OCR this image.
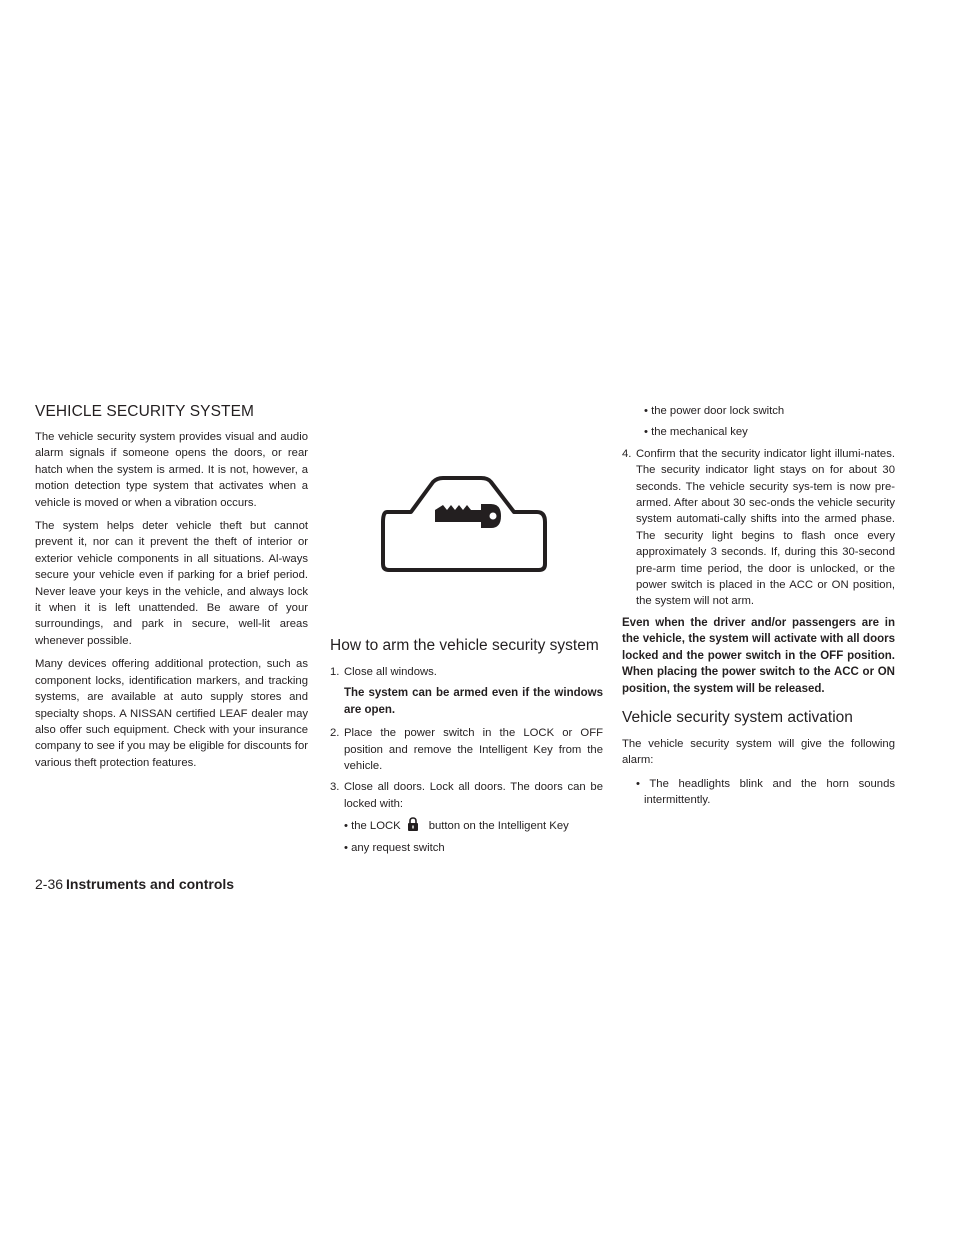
VEHICLE SECURITY SYSTEM

The vehicle security system provides visual and audio alarm signals if someone opens the doors, or rear hatch when the system is armed. It is not, however, a motion detection type system that activates when a vehicle is moved or when a vibration occurs.

The system helps deter vehicle theft but cannot prevent it, nor can it prevent the theft of interior or exterior vehicle components in all situations. Al-ways secure your vehicle even if parking for a brief period. Never leave your keys in the vehicle, and always lock it when it is left unattended. Be aware of your surroundings, and park in secure, well-lit areas whenever possible.

Many devices offering additional protection, such as component locks, identification markers, and tracking systems, are available at auto supply stores and specialty shops. A NISSAN certified LEAF dealer may also offer such equipment. Check with your insurance company to see if you may be eligible for discounts for various theft protection features.

How to arm the vehicle security system
1. Close all windows.
The system can be armed even if the windows are open.
2. Place the power switch in the LOCK or OFF position and remove the Intelligent Key from the vehicle.
3. Close all doors. Lock all doors. The doors can be locked with:
• the LOCK button on the Intelligent Key
• any request switch
• the power door lock switch
• the mechanical key
4. Confirm that the security indicator light illumi-nates. The security indicator light stays on for about 30 seconds. The vehicle security sys-tem is now pre-armed. After about 30 sec-onds the vehicle security system automati-cally shifts into the armed phase. The security light begins to flash once every approximately 3 seconds. If, during this 30-second pre-arm time period, the door is unlocked, or the power switch is placed in the ACC or ON position, the system will not arm.

Even when the driver and/or passengers are in the vehicle, the system will activate with all doors locked and the power switch in the OFF position. When placing the power switch to the ACC or ON position, the system will be released.

Vehicle security system activation

The vehicle security system will give the following alarm:

• The headlights blink and the horn sounds intermittently.
2-36 Instruments and controls
